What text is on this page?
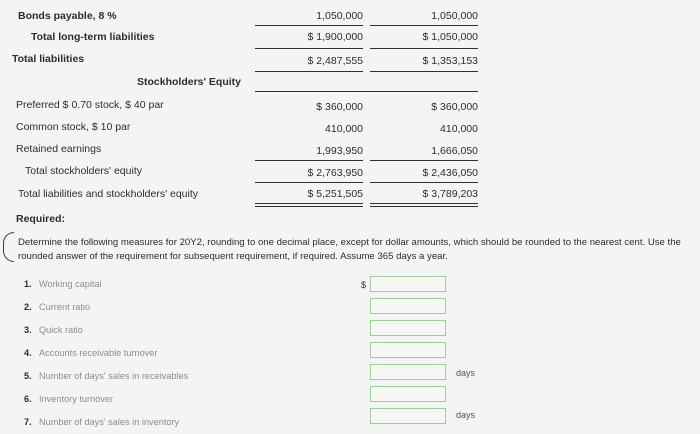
Bonds payable, 8 %	1,050,000	1,050,000
Total long-term liabilities	$ 1,900,000	$ 1,050,000
Total liabilities	$ 2,487,555	$ 1,353,153
Stockholders' Equity
Preferred $ 0.70 stock, $ 40 par	$ 360,000	$ 360,000
Common stock, $ 10 par	410,000	410,000
Retained earnings	1,993,950	1,666,050
Total stockholders' equity	$ 2,763,950	$ 2,436,050
Total liabilities and stockholders' equity	$ 5,251,505	$ 3,789,203
Required:
Determine the following measures for 20Y2, rounding to one decimal place, except for dollar amounts, which should be rounded to the nearest cent. Use the rounded answer of the requirement for subsequent requirement, if required. Assume 365 days a year.
1. Working capital
2. Current ratio
3. Quick ratio
4. Accounts receivable turnover
5. Number of days' sales in receivables
6. Inventory turnover
7. Number of days' sales in inventory
$
days
days
